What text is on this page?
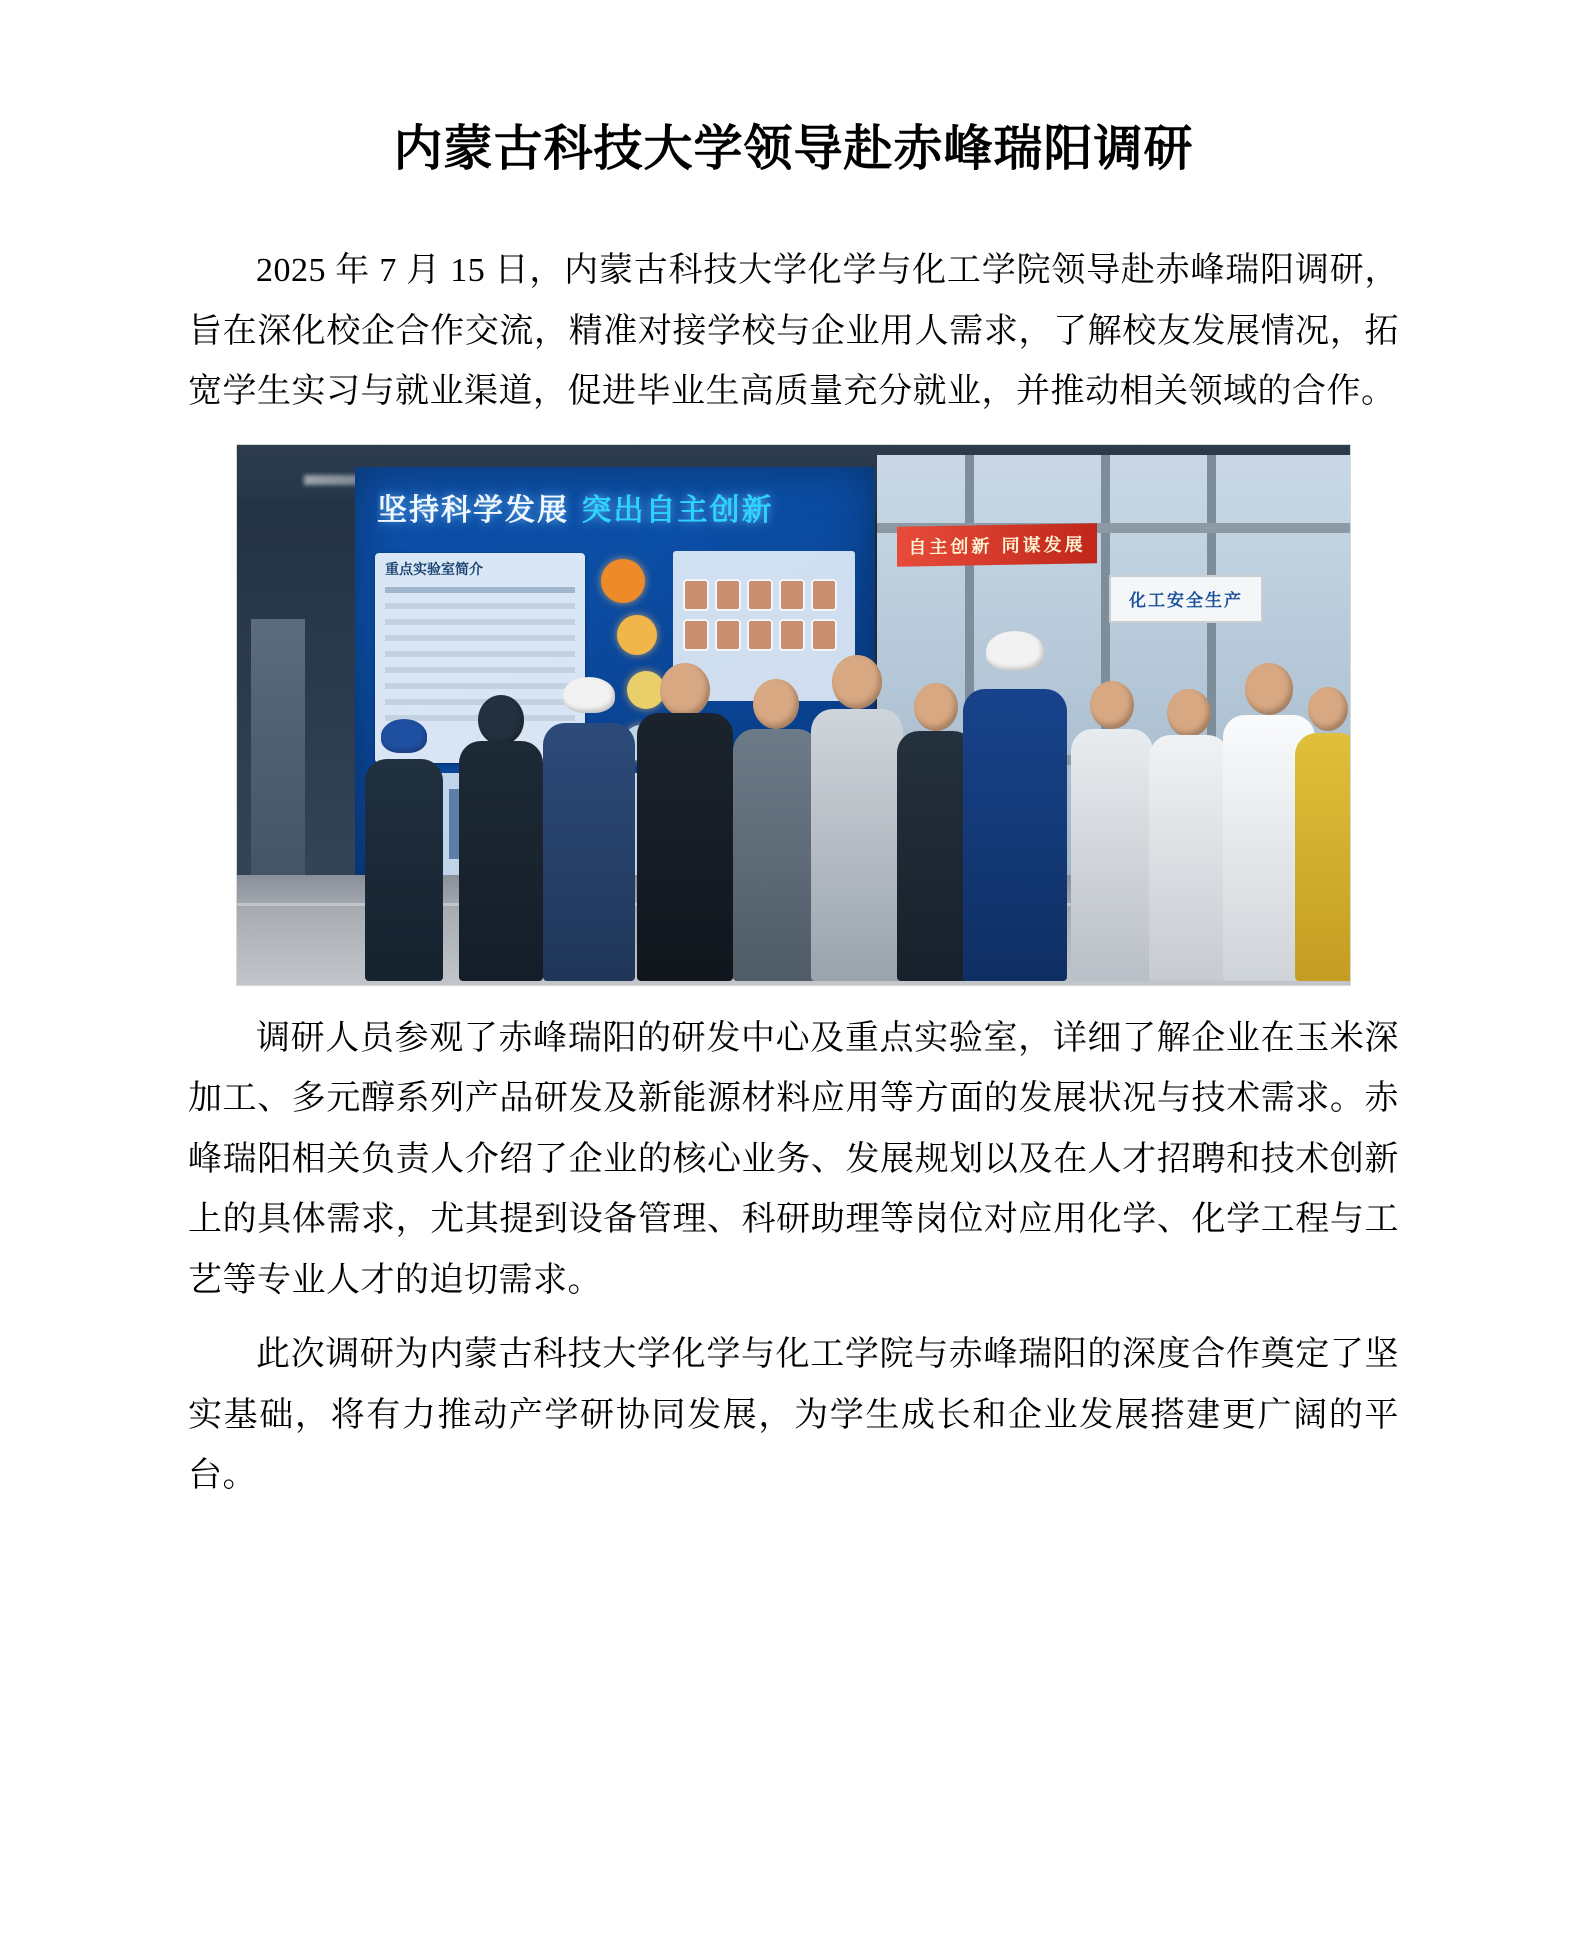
内蒙古科技大学领导赴赤峰瑞阳调研

2025 年 7 月 15 日，内蒙古科技大学化学与化工学院领导赴赤峰瑞阳调研，旨在深化校企合作交流，精准对接学校与企业用人需求，了解校友发展情况，拓宽学生实习与就业渠道，促进毕业生高质量充分就业，并推动相关领域的合作。

坚持科学发展 突出自主创新
重点实验室简介
自主创新 同谋发展
化工安全生产

调研人员参观了赤峰瑞阳的研发中心及重点实验室，详细了解企业在玉米深加工、多元醇系列产品研发及新能源材料应用等方面的发展状况与技术需求。赤峰瑞阳相关负责人介绍了企业的核心业务、发展规划以及在人才招聘和技术创新上的具体需求，尤其提到设备管理、科研助理等岗位对应用化学、化学工程与工艺等专业人才的迫切需求。

此次调研为内蒙古科技大学化学与化工学院与赤峰瑞阳的深度合作奠定了坚实基础，将有力推动产学研协同发展，为学生成长和企业发展搭建更广阔的平台。
